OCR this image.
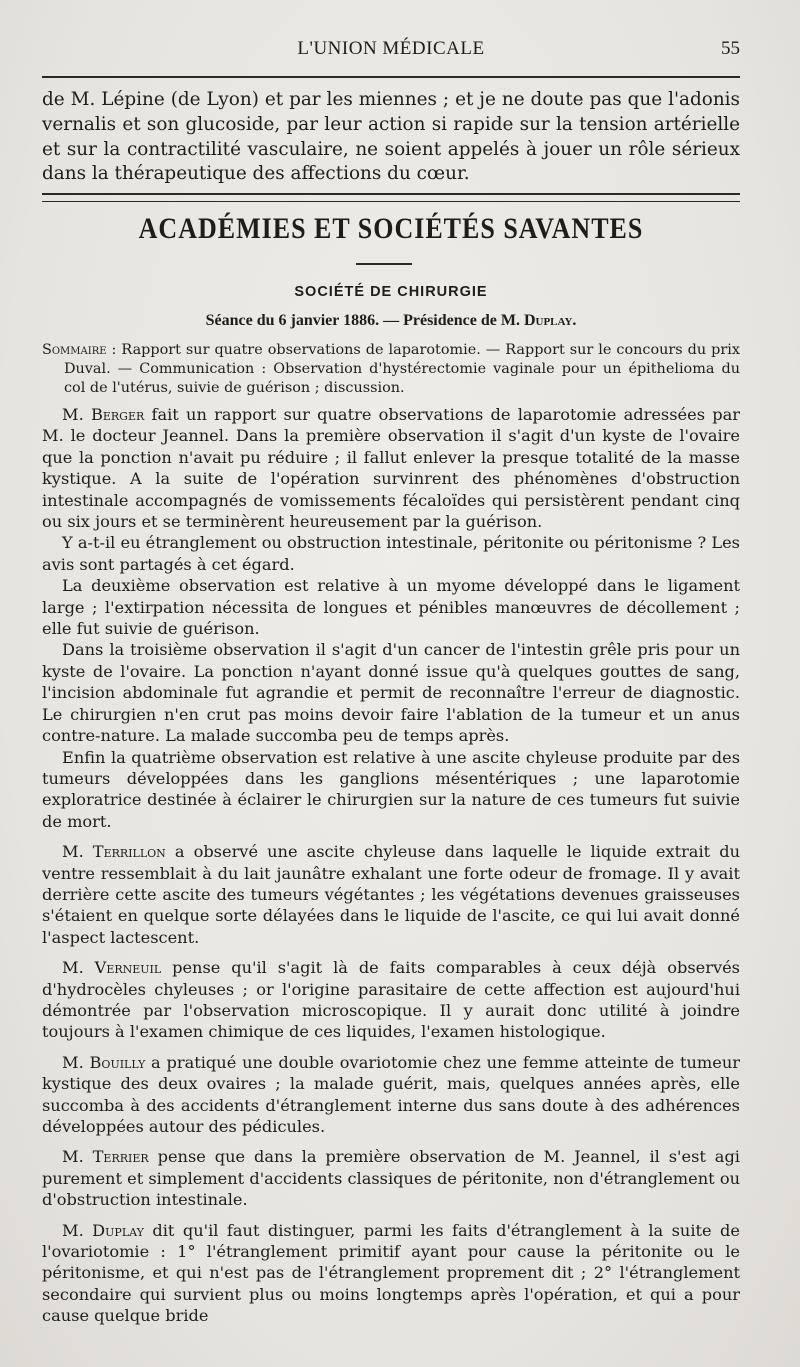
L'UNION MÉDICALE	55

de M. Lépine (de Lyon) et par les miennes ; et je ne doute pas que l'adonis vernalis et son glucoside, par leur action si rapide sur la tension artérielle et sur la contractilité vasculaire, ne soient appelés à jouer un rôle sérieux dans la thérapeutique des affections du cœur.

ACADÉMIES ET SOCIÉTÉS SAVANTES
SOCIÉTÉ DE CHIRURGIE
Séance du 6 janvier 1886. — Présidence de M. Duplay.

Sommaire : Rapport sur quatre observations de laparotomie. — Rapport sur le concours du prix Duval. — Communication : Observation d'hystérectomie vaginale pour un épithelioma du col de l'utérus, suivie de guérison ; discussion.

M. Berger fait un rapport sur quatre observations de laparotomie adressées par M. le docteur Jeannel. Dans la première observation il s'agit d'un kyste de l'ovaire que la ponction n'avait pu réduire ; il fallut enlever la presque totalité de la masse kystique. A la suite de l'opération survinrent des phénomènes d'obstruction intestinale accompagnés de vomissements fécaloïdes qui persistèrent pendant cinq ou six jours et se terminèrent heureusement par la guérison.

Y a-t-il eu étranglement ou obstruction intestinale, péritonite ou péritonisme ? Les avis sont partagés à cet égard.

La deuxième observation est relative à un myome développé dans le ligament large ; l'extirpation nécessita de longues et pénibles manœuvres de décollement ; elle fut suivie de guérison.

Dans la troisième observation il s'agit d'un cancer de l'intestin grêle pris pour un kyste de l'ovaire. La ponction n'ayant donné issue qu'à quelques gouttes de sang, l'incision abdominale fut agrandie et permit de reconnaître l'erreur de diagnostic. Le chirurgien n'en crut pas moins devoir faire l'ablation de la tumeur et un anus contre-nature. La malade succomba peu de temps après.

Enfin la quatrième observation est relative à une ascite chyleuse produite par des tumeurs développées dans les ganglions mésentériques ; une laparotomie exploratrice destinée à éclairer le chirurgien sur la nature de ces tumeurs fut suivie de mort.

M. Terrillon a observé une ascite chyleuse dans laquelle le liquide extrait du ventre ressemblait à du lait jaunâtre exhalant une forte odeur de fromage. Il y avait derrière cette ascite des tumeurs végétantes ; les végétations devenues graisseuses s'étaient en quelque sorte délayées dans le liquide de l'ascite, ce qui lui avait donné l'aspect lactescent.

M. Verneuil pense qu'il s'agit là de faits comparables à ceux déjà observés d'hydrocèles chyleuses ; or l'origine parasitaire de cette affection est aujourd'hui démontrée par l'observation microscopique. Il y aurait donc utilité à joindre toujours à l'examen chimique de ces liquides, l'examen histologique.

M. Bouilly a pratiqué une double ovariotomie chez une femme atteinte de tumeur kystique des deux ovaires ; la malade guérit, mais, quelques années après, elle succomba à des accidents d'étranglement interne dus sans doute à des adhérences développées autour des pédicules.

M. Terrier pense que dans la première observation de M. Jeannel, il s'est agi purement et simplement d'accidents classiques de péritonite, non d'étranglement ou d'obstruction intestinale.

M. Duplay dit qu'il faut distinguer, parmi les faits d'étranglement à la suite de l'ovariotomie : 1° l'étranglement primitif ayant pour cause la péritonite ou le péritonisme, et qui n'est pas de l'étranglement proprement dit ; 2° l'étranglement secondaire qui survient plus ou moins longtemps après l'opération, et qui a pour cause quelque bride
